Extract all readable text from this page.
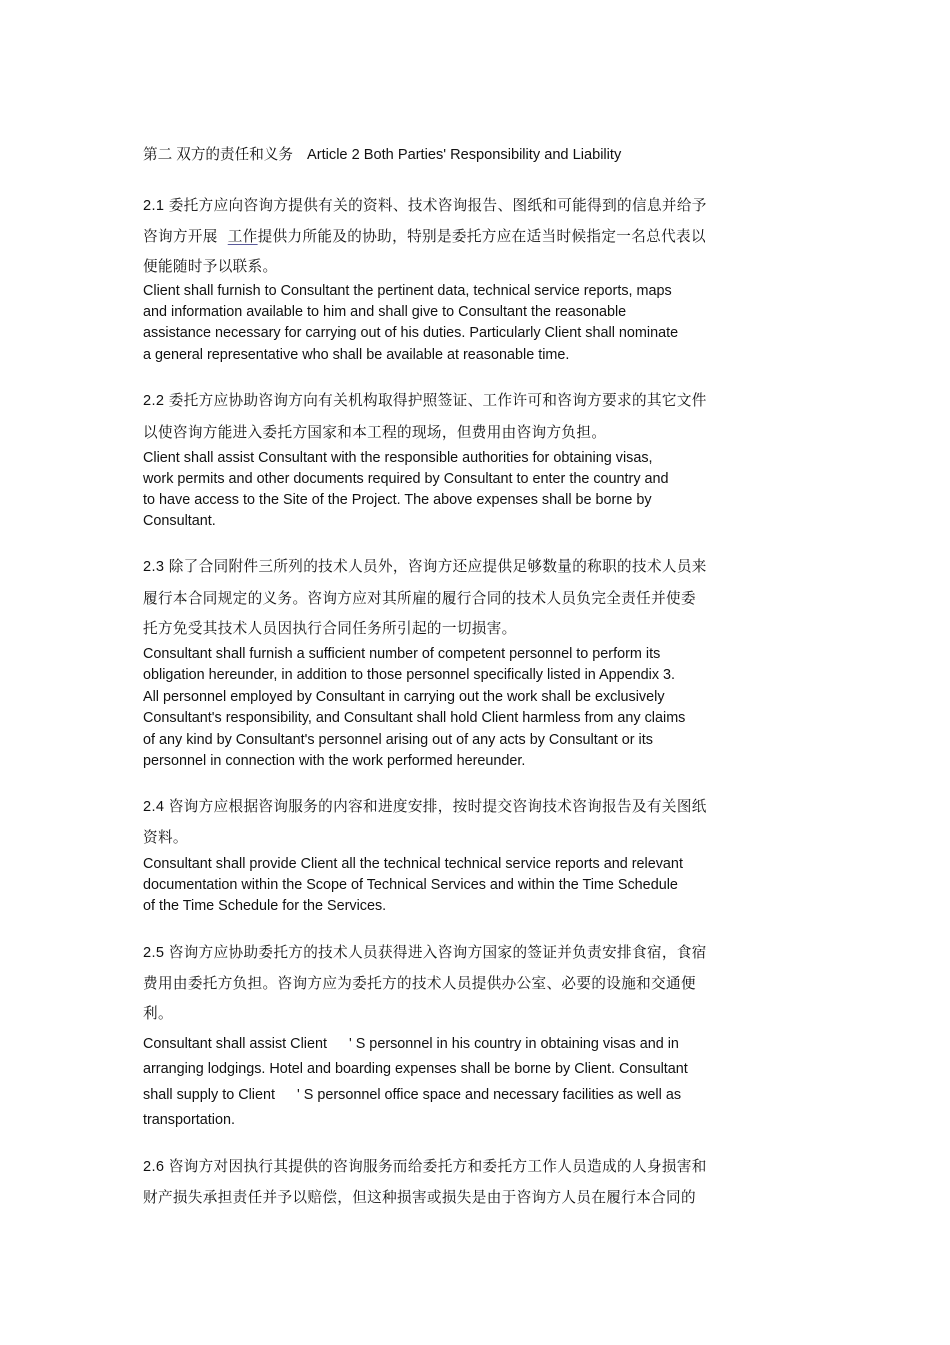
第二 双方的责任和义务 Article 2 Both Parties' Responsibility and Liability
2.1 委托方应向咨询方提供有关的资料、技术咨询报告、图纸和可能得到的信息并给予
咨询方开展 工作提供力所能及的协助，特别是委托方应在适当时候指定一名总代表以
便能随时予以联系。
Client shall furnish to Consultant the pertinent data, technical service reports, maps
and information available to him and shall give to Consultant the reasonable
assistance necessary for carrying out of his duties. Particularly Client shall nominate
a general representative who shall be available at reasonable time.
2.2 委托方应协助咨询方向有关机构取得护照签证、工作许可和咨询方要求的其它文件
以使咨询方能进入委托方国家和本工程的现场，但费用由咨询方负担。
Client shall assist Consultant with the responsible authorities for obtaining visas,
work permits and other documents required by Consultant to enter the country and
to have access to the Site of the Project. The above expenses shall be borne by
Consultant.
2.3 除了合同附件三所列的技术人员外，咨询方还应提供足够数量的称职的技术人员来
履行本合同规定的义务。咨询方应对其所雇的履行合同的技术人员负完全责任并使委
托方免受其技术人员因执行合同任务所引起的一切损害。
Consultant shall furnish a sufficient number of competent personnel to perform its
obligation hereunder, in addition to those personnel specifically listed in Appendix 3.
All personnel employed by Consultant in carrying out the work shall be exclusively
Consultant's responsibility, and Consultant shall hold Client harmless from any claims
of any kind by Consultant's personnel arising out of any acts by Consultant or its
personnel in connection with the work performed hereunder.
2.4 咨询方应根据咨询服务的内容和进度安排，按时提交咨询技术咨询报告及有关图纸
资料。
Consultant shall provide Client all the technical technical service reports and relevant
documentation within the Scope of Technical Services and within the Time Schedule
of the Time Schedule for the Services.
2.5 咨询方应协助委托方的技术人员获得进入咨询方国家的签证并负责安排食宿，食宿
费用由委托方负担。咨询方应为委托方的技术人员提供办公室、必要的设施和交通便
利。
Consultant shall assist Client ' S personnel in his country in obtaining visas and in
arranging lodgings. Hotel and boarding expenses shall be borne by Client. Consultant
shall supply to Client ' S personnel office space and necessary facilities as well as
transportation.
2.6 咨询方对因执行其提供的咨询服务而给委托方和委托方工作人员造成的人身损害和
财产损失承担责任并予以赔偿，但这种损害或损失是由于咨询方人员在履行本合同的
